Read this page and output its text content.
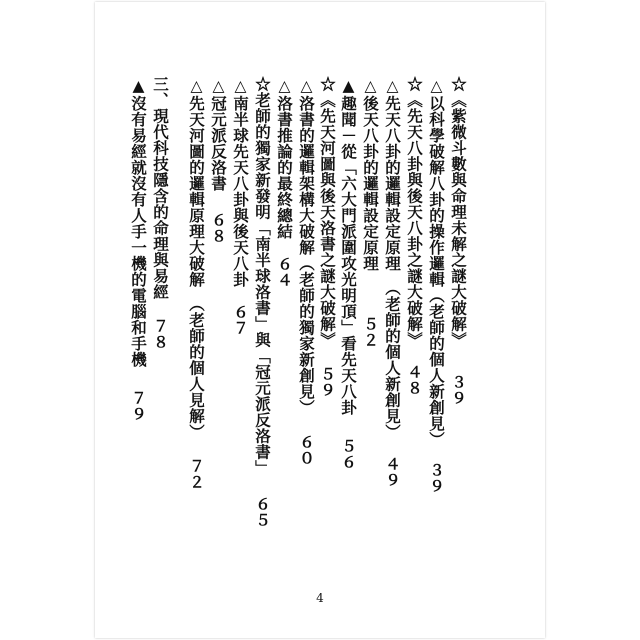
☆《紫微斗數與命理未解之謎大破解》３９
△以科學破解八卦的操作邏輯（老師的個人新創見）３９
☆《先天八卦與後天八卦之謎大破解》４８
△先天八卦的邏輯設定原理　（老師的個人新創見）４９
△後天八卦的邏輯設定原理５２
▲趣聞－從「六大門派圍攻光明頂」看先天八卦５６
☆《先天河圖與後天洛書之謎大破解》５９
△洛書的邏輯架構大破解（老師的獨家新創見）６０
△洛書推論的最終總結６４
☆老師的獨家新發明「南半球洛書」與「冠元派反洛書」６５
△南半球先天八卦與後天八卦６７
△冠元派反洛書６８
△先天河圖的邏輯原理大破解　（老師的個人見解）７２
三、現代科技隱含的命理與易經７８
▲沒有易經就沒有人手一機的電腦和手機７９
4
